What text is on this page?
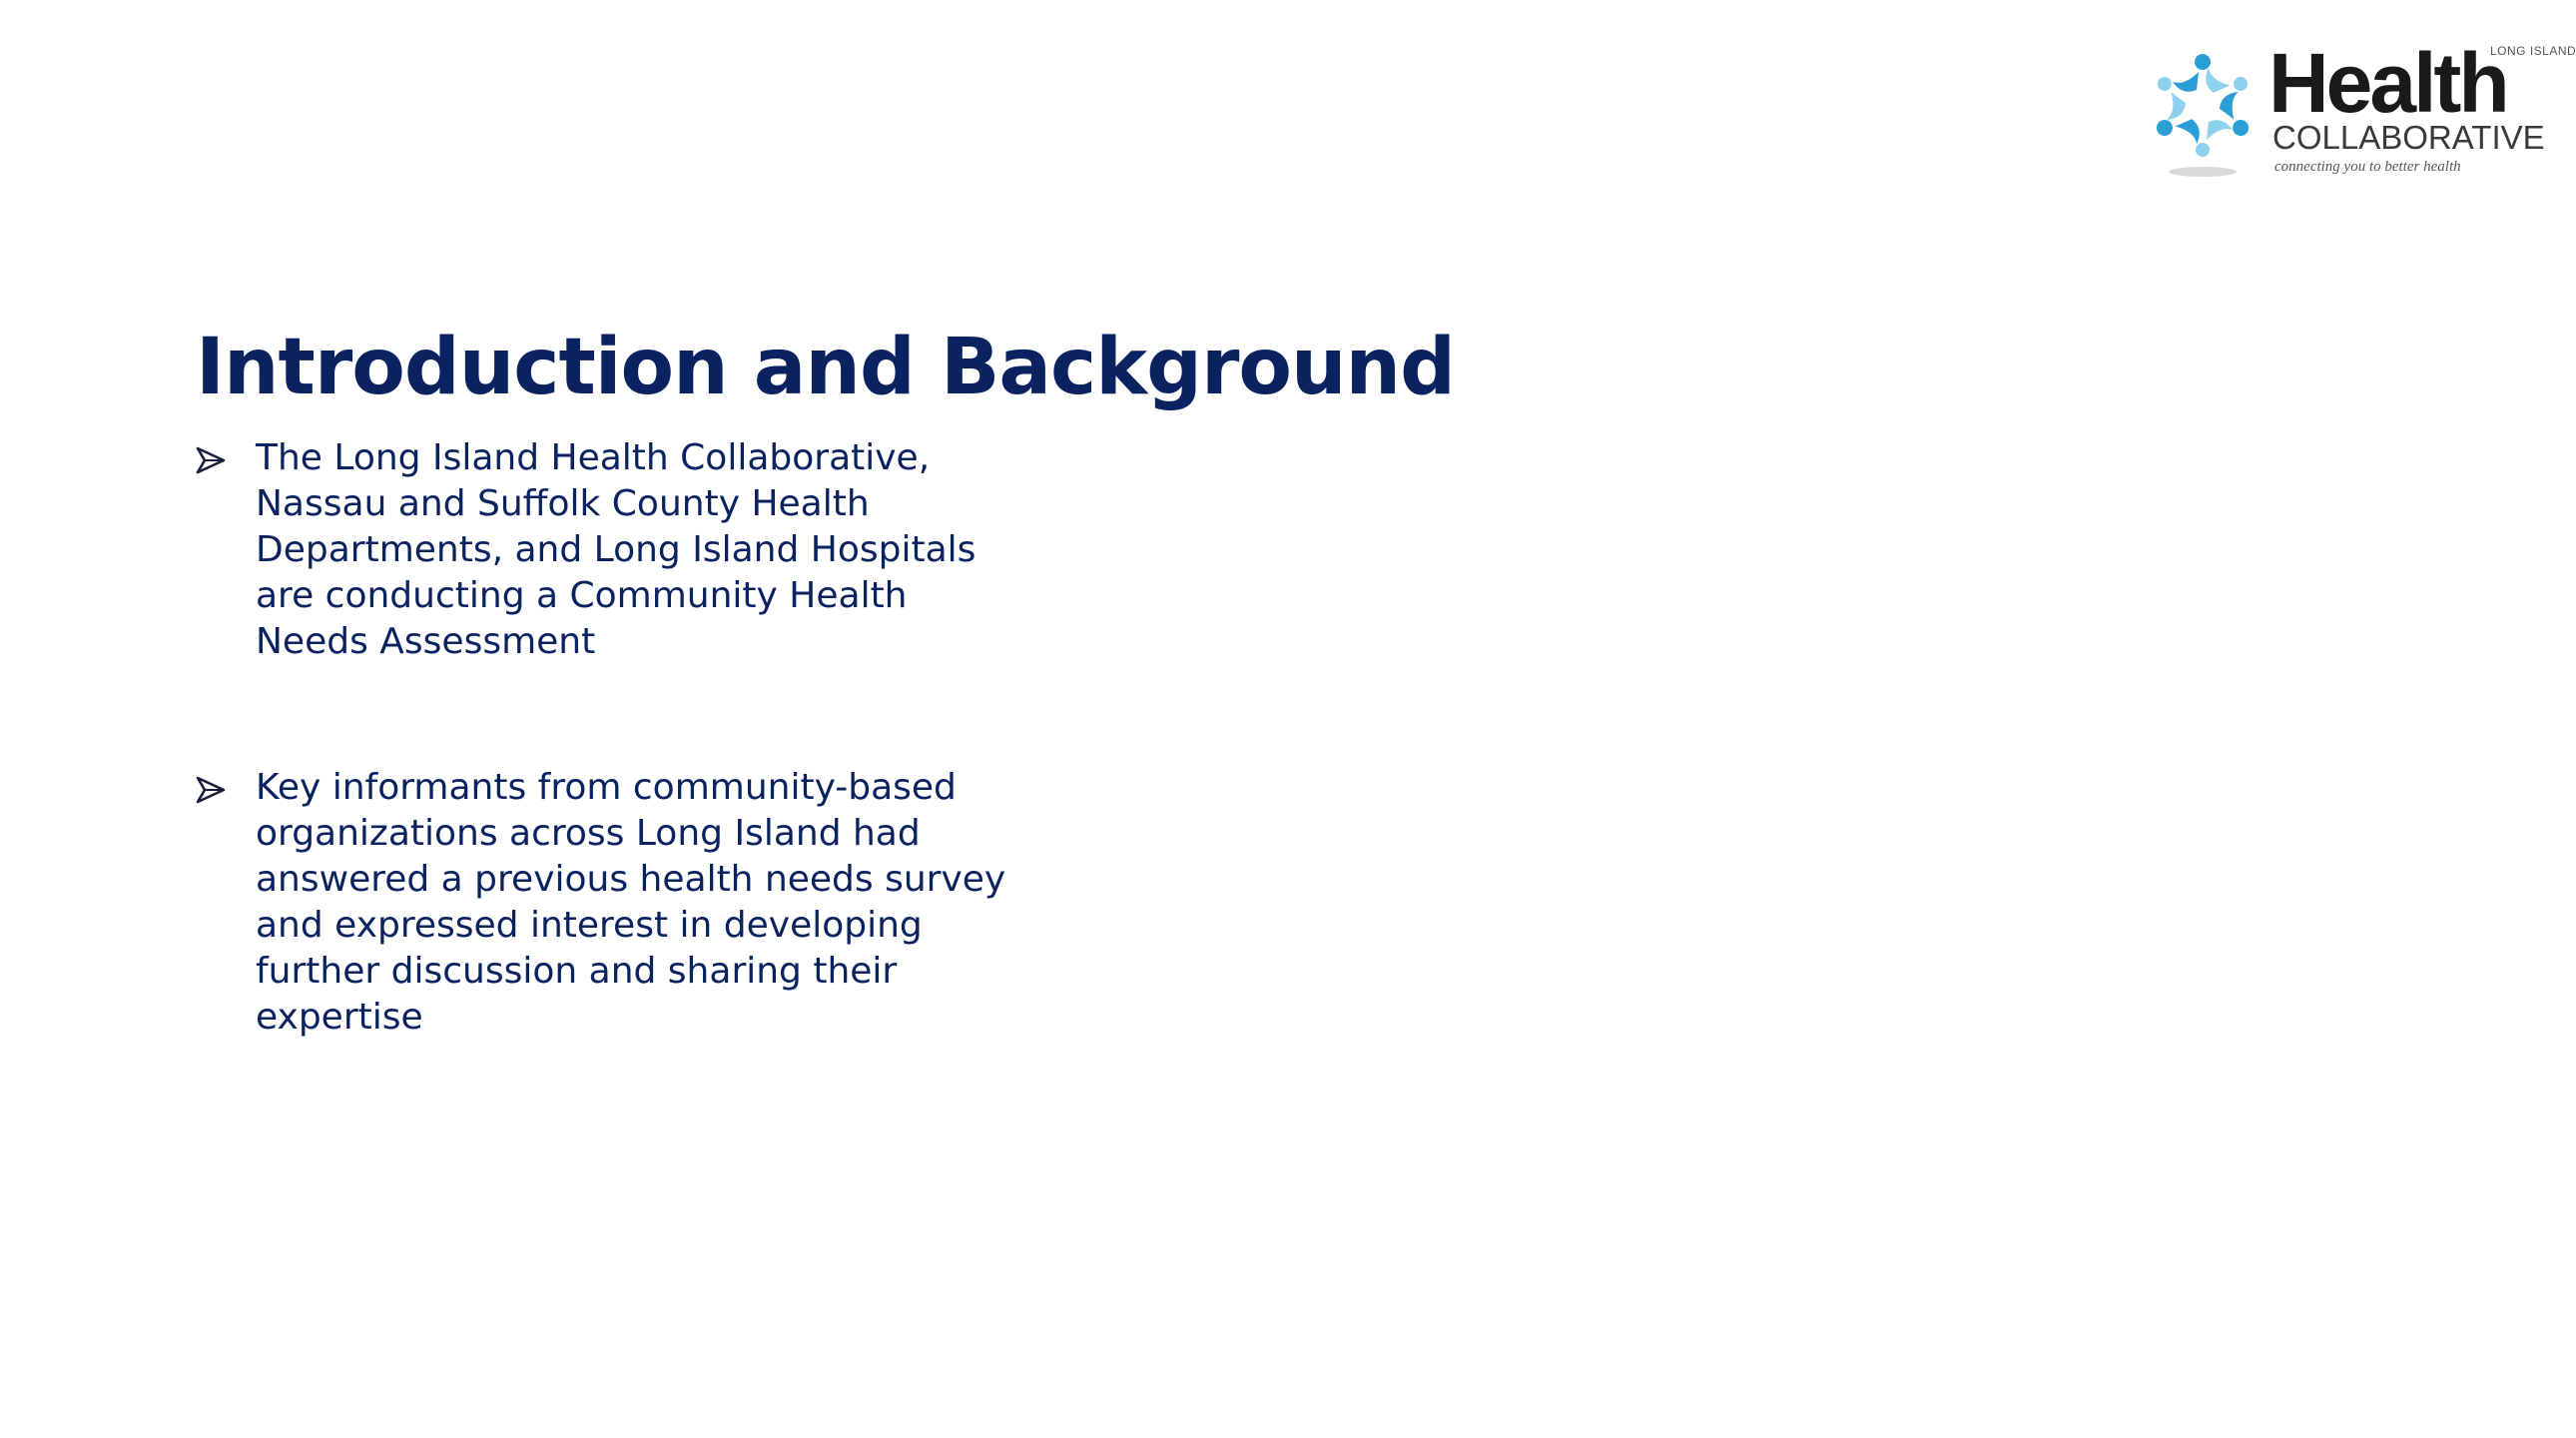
Health
LONG ISLAND
COLLABORATIVE
connecting you to better health
Introduction and Background
The Long Island Health Collaborative,
Nassau and Suffolk County Health
Departments, and Long Island Hospitals
are conducting a Community Health
Needs Assessment
Key informants from community-based
organizations across Long Island had
answered a previous health needs survey
and expressed interest in developing
further discussion and sharing their
expertise
